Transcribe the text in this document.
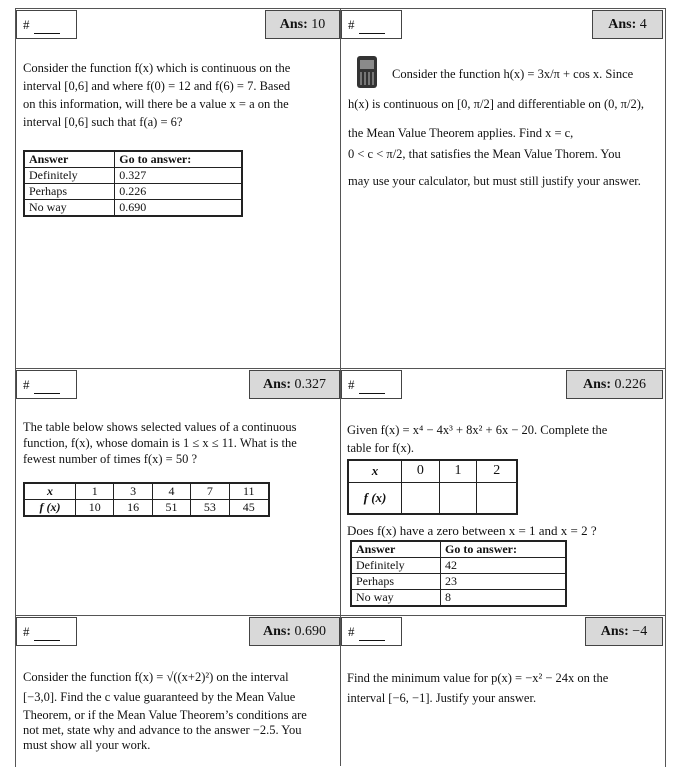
#	Ans: 10
Consider the function f(x) which is continuous on the
interval [0,6] and where f(0) = 12 and f(6) = 7. Based
on this information, will there be a value x = a on the
interval [0,6] such that f(a) = 6?
Answer	Go to answer:
Definitely	0.327
Perhaps	0.226
No way	0.690
#	Ans: 4
Consider the function h(x) = 3x/π + cos x. Since
h(x) is continuous on [0, π/2] and differentiable on (0, π/2),
the Mean Value Theorem applies. Find x = c,
0 < c < π/2, that satisfies the Mean Value Thorem. You
may use your calculator, but must still justify your answer.
#	Ans: 0.327
The table below shows selected values of a continuous
function, f(x), whose domain is 1 ≤ x ≤ 11. What is the
fewest number of times f(x) = 50 ?
x	1	3	4	7	11
f (x)	10	16	51	53	45
#	Ans: 0.226
Given f(x) = x⁴ − 4x³ + 8x² + 6x − 20. Complete the
table for f(x).
x	0	1	2
f (x)			
Does f(x) have a zero between x = 1 and x = 2 ?
Answer	Go to answer:
Definitely	42
Perhaps	23
No way	8
#	Ans: 0.690
Consider the function f(x) = √((x+2)²) on the interval
[−3,0]. Find the c value guaranteed by the Mean Value
Theorem, or if the Mean Value Theorem’s conditions are
not met, state why and advance to the answer −2.5. You
must show all your work.
#	Ans: −4
Find the minimum value for p(x) = −x² − 24x on the
interval [−6, −1]. Justify your answer.
